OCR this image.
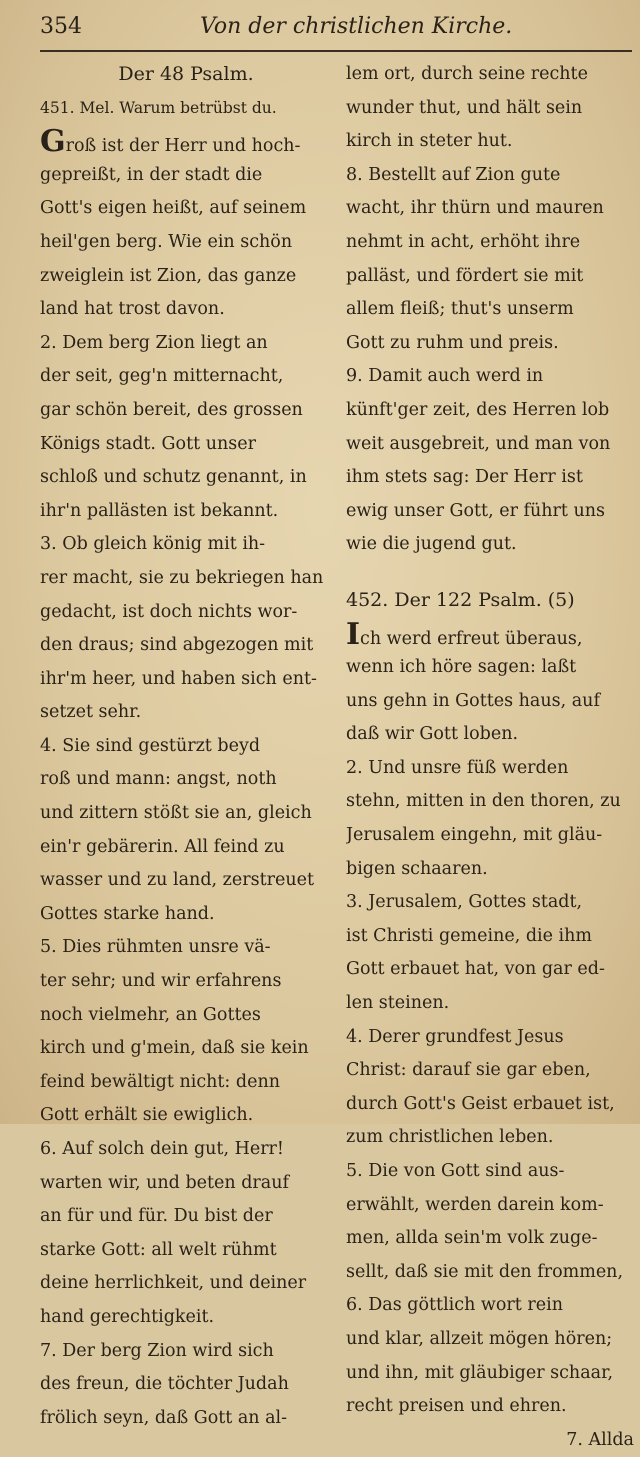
354	Von der christlichen Kirche.
Der 48 Psalm.
451. Mel. Warum betrübst du.
Groß ist der Herr und hoch-
gepreißt, in der stadt die
Gott's eigen heißt, auf seinem
heil'gen berg. Wie ein schön
zweiglein ist Zion, das ganze
land hat trost davon.
2. Dem berg Zion liegt an
der seit, geg'n mitternacht,
gar schön bereit, des grossen
Königs stadt. Gott unser
schloß und schutz genannt, in
ihr'n pallästen ist bekannt.
3. Ob gleich könig mit ih-
rer macht, sie zu bekriegen han
gedacht, ist doch nichts wor-
den draus; sind abgezogen mit
ihr'm heer, und haben sich ent-
setzet sehr.
4. Sie sind gestürzt beyd
roß und mann: angst, noth
und zittern stößt sie an, gleich
ein'r gebärerin. All feind zu
wasser und zu land, zerstreuet
Gottes starke hand.
5. Dies rühmten unsre vä-
ter sehr; und wir erfahrens
noch vielmehr, an Gottes
kirch und g'mein, daß sie kein
feind bewältigt nicht: denn
Gott erhält sie ewiglich.
6. Auf solch dein gut, Herr!
warten wir, und beten drauf
an für und für. Du bist der
starke Gott: all welt rühmt
deine herrlichkeit, und deiner
hand gerechtigkeit.
7. Der berg Zion wird sich
des freun, die töchter Judah
frölich seyn, daß Gott an al-
lem ort, durch seine rechte
wunder thut, und hält sein
kirch in steter hut.
8. Bestellt auf Zion gute
wacht, ihr thürn und mauren
nehmt in acht, erhöht ihre
palläst, und fördert sie mit
allem fleiß; thut's unserm
Gott zu ruhm und preis.
9. Damit auch werd in
künft'ger zeit, des Herren lob
weit ausgebreit, und man von
ihm stets sag: Der Herr ist
ewig unser Gott, er führt uns
wie die jugend gut.
452. Der 122 Psalm. (5)
Ich werd erfreut überaus,
wenn ich höre sagen: laßt
uns gehn in Gottes haus, auf
daß wir Gott loben.
2. Und unsre füß werden
stehn, mitten in den thoren, zu
Jerusalem eingehn, mit gläu-
bigen schaaren.
3. Jerusalem, Gottes stadt,
ist Christi gemeine, die ihm
Gott erbauet hat, von gar ed-
len steinen.
4. Derer grundfest Jesus
Christ: darauf sie gar eben,
durch Gott's Geist erbauet ist,
zum christlichen leben.
5. Die von Gott sind aus-
erwählt, werden darein kom-
men, allda sein'm volk zuge-
sellt, daß sie mit den frommen,
6. Das göttlich wort rein
und klar, allzeit mögen hören;
und ihn, mit gläubiger schaar,
recht preisen und ehren.
7. Allda
